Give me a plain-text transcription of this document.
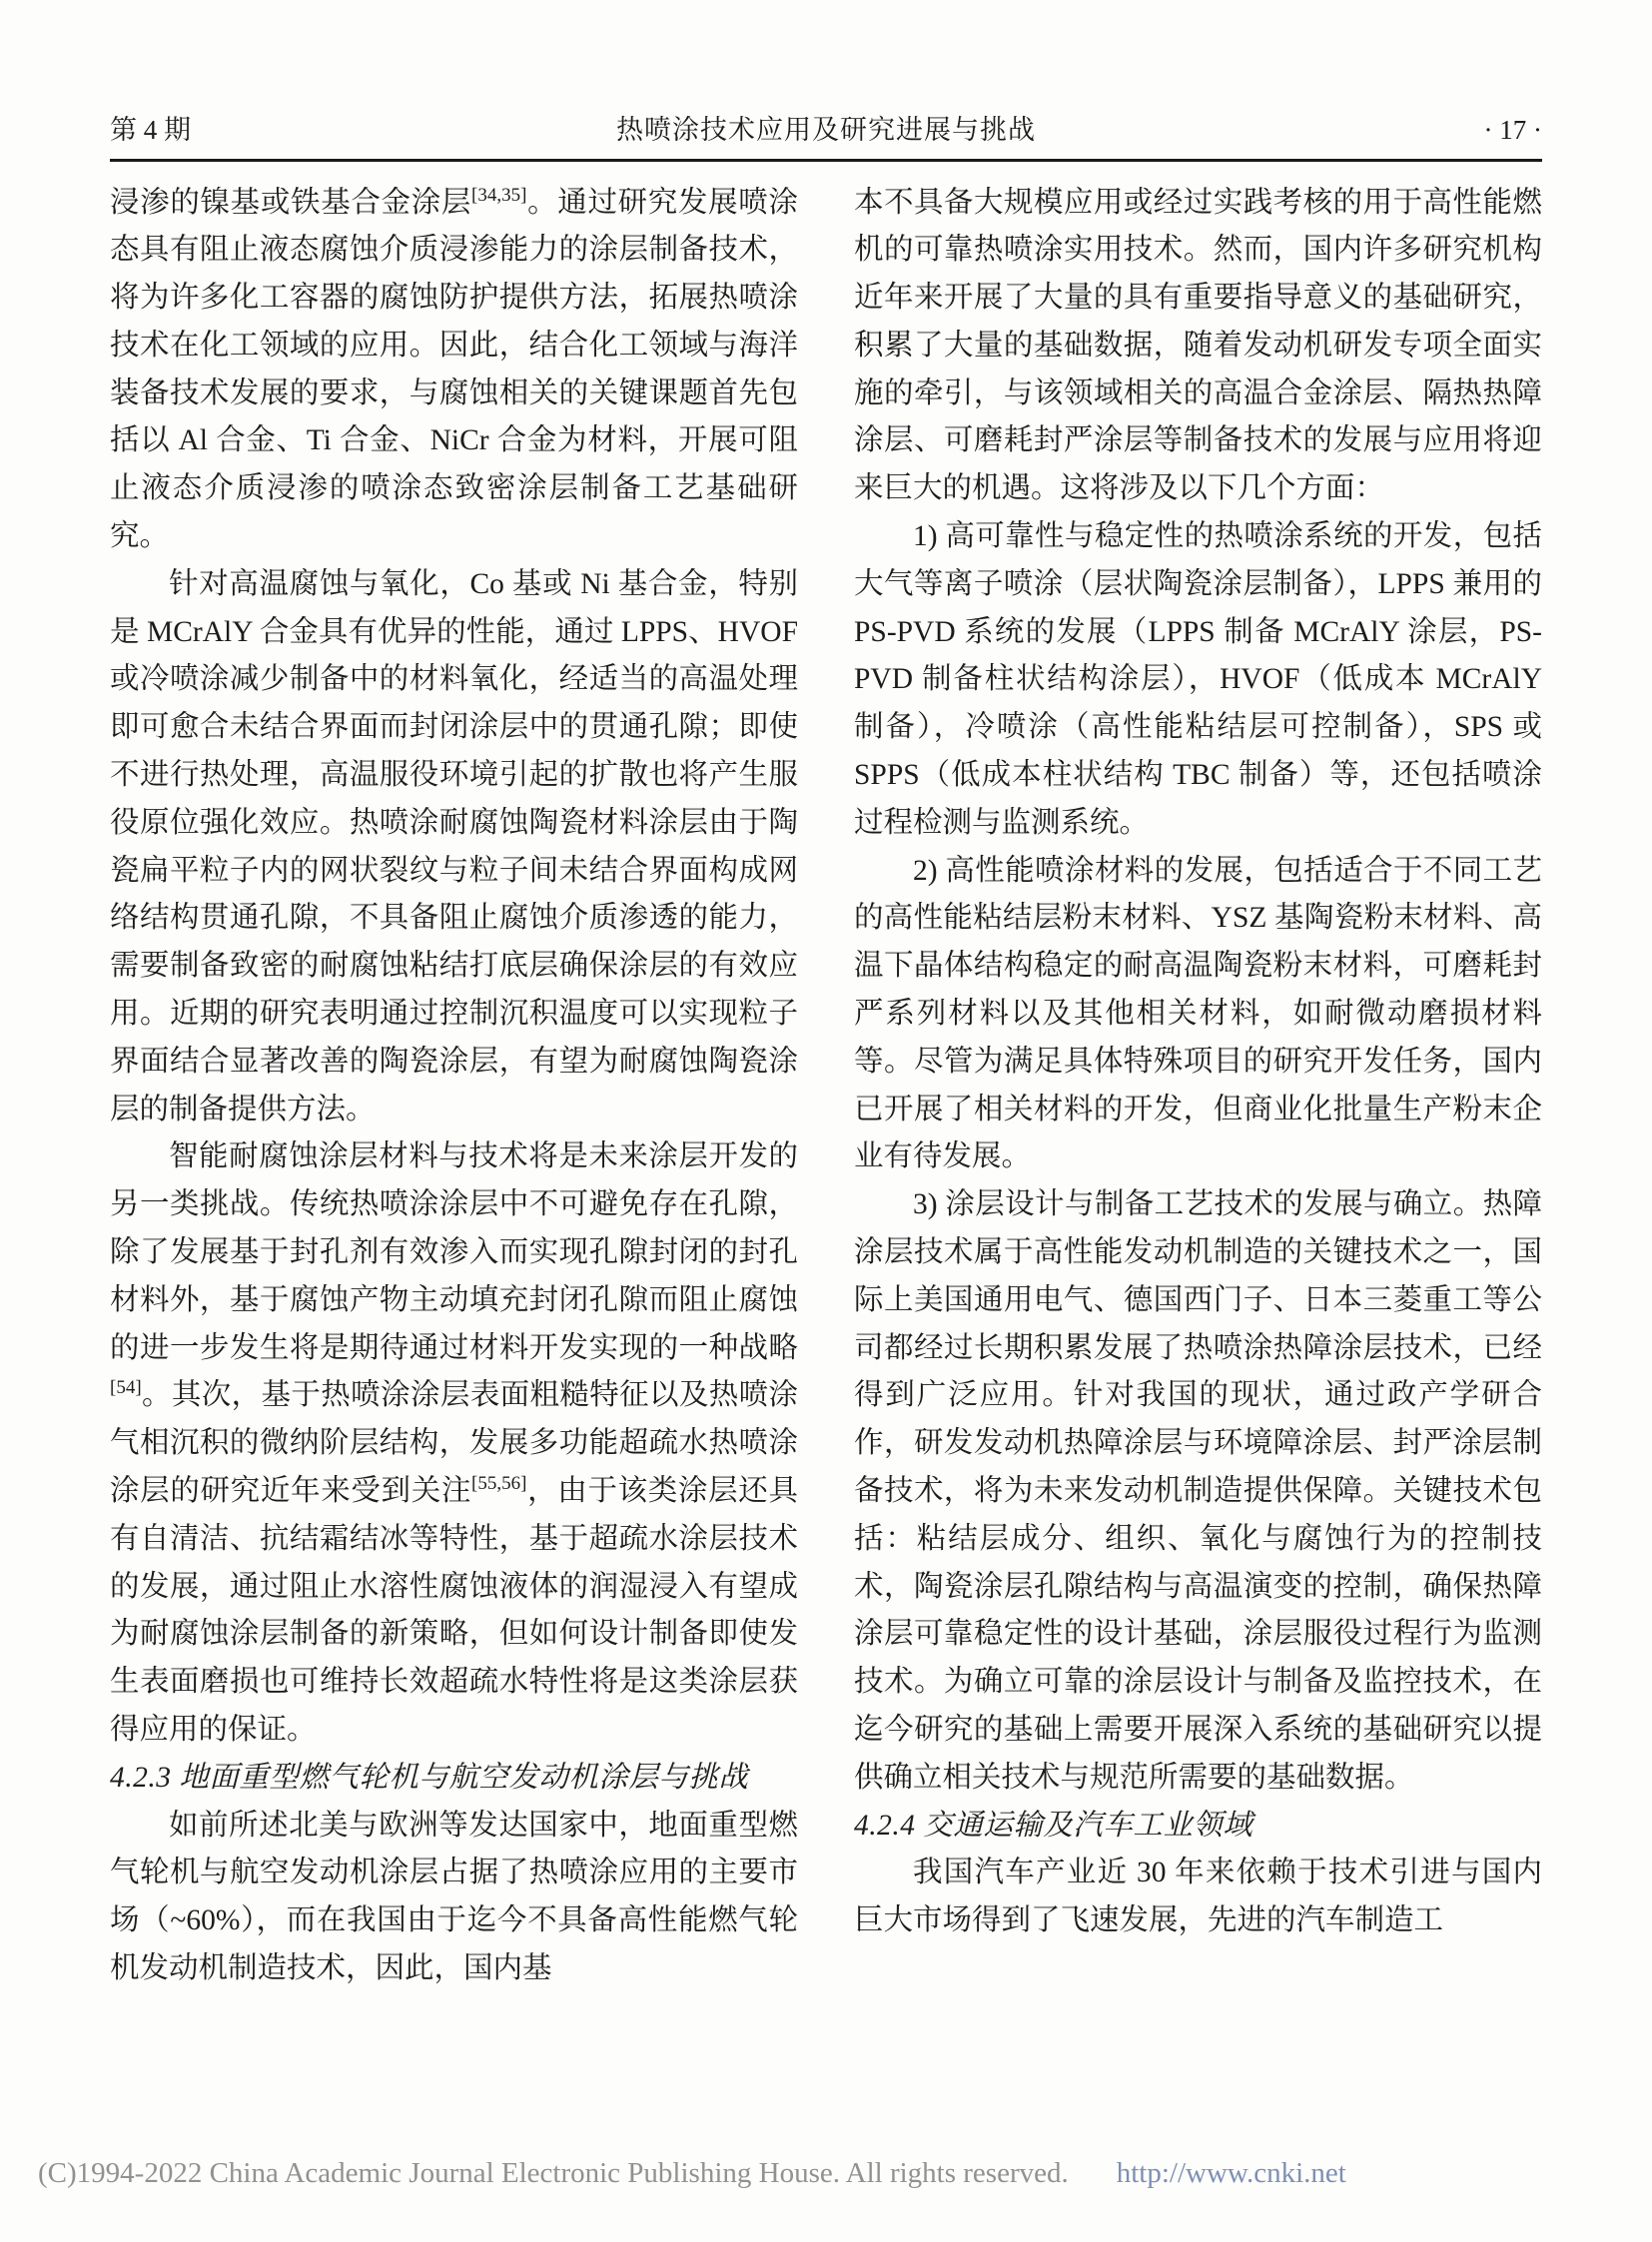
第 4 期	热喷涂技术应用及研究进展与挑战	· 17 ·

浸渗的镍基或铁基合金涂层[34,35]。通过研究发展喷涂态具有阻止液态腐蚀介质浸渗能力的涂层制备技术，将为许多化工容器的腐蚀防护提供方法，拓展热喷涂技术在化工领域的应用。因此，结合化工领域与海洋装备技术发展的要求，与腐蚀相关的关键课题首先包括以 Al 合金、Ti 合金、NiCr 合金为材料，开展可阻止液态介质浸渗的喷涂态致密涂层制备工艺基础研究。

针对高温腐蚀与氧化，Co 基或 Ni 基合金，特别是 MCrAlY 合金具有优异的性能，通过 LPPS、HVOF 或冷喷涂减少制备中的材料氧化，经适当的高温处理即可愈合未结合界面而封闭涂层中的贯通孔隙；即使不进行热处理，高温服役环境引起的扩散也将产生服役原位强化效应。热喷涂耐腐蚀陶瓷材料涂层由于陶瓷扁平粒子内的网状裂纹与粒子间未结合界面构成网络结构贯通孔隙，不具备阻止腐蚀介质渗透的能力，需要制备致密的耐腐蚀粘结打底层确保涂层的有效应用。近期的研究表明通过控制沉积温度可以实现粒子界面结合显著改善的陶瓷涂层，有望为耐腐蚀陶瓷涂层的制备提供方法。

智能耐腐蚀涂层材料与技术将是未来涂层开发的另一类挑战。传统热喷涂涂层中不可避免存在孔隙，除了发展基于封孔剂有效渗入而实现孔隙封闭的封孔材料外，基于腐蚀产物主动填充封闭孔隙而阻止腐蚀的进一步发生将是期待通过材料开发实现的一种战略[54]。其次，基于热喷涂涂层表面粗糙特征以及热喷涂气相沉积的微纳阶层结构，发展多功能超疏水热喷涂涂层的研究近年来受到关注[55,56]，由于该类涂层还具有自清洁、抗结霜结冰等特性，基于超疏水涂层技术的发展，通过阻止水溶性腐蚀液体的润湿浸入有望成为耐腐蚀涂层制备的新策略，但如何设计制备即使发生表面磨损也可维持长效超疏水特性将是这类涂层获得应用的保证。

4.2.3 地面重型燃气轮机与航空发动机涂层与挑战

如前所述北美与欧洲等发达国家中，地面重型燃气轮机与航空发动机涂层占据了热喷涂应用的主要市场（~60%），而在我国由于迄今不具备高性能燃气轮机发动机制造技术，因此，国内基

本不具备大规模应用或经过实践考核的用于高性能燃机的可靠热喷涂实用技术。然而，国内许多研究机构近年来开展了大量的具有重要指导意义的基础研究，积累了大量的基础数据，随着发动机研发专项全面实施的牵引，与该领域相关的高温合金涂层、隔热热障涂层、可磨耗封严涂层等制备技术的发展与应用将迎来巨大的机遇。这将涉及以下几个方面：

1) 高可靠性与稳定性的热喷涂系统的开发，包括大气等离子喷涂（层状陶瓷涂层制备），LPPS 兼用的 PS-PVD 系统的发展（LPPS 制备 MCrAlY 涂层，PS-PVD 制备柱状结构涂层），HVOF（低成本 MCrAlY 制备），冷喷涂（高性能粘结层可控制备），SPS 或 SPPS（低成本柱状结构 TBC 制备）等，还包括喷涂过程检测与监测系统。

2) 高性能喷涂材料的发展，包括适合于不同工艺的高性能粘结层粉末材料、YSZ 基陶瓷粉末材料、高温下晶体结构稳定的耐高温陶瓷粉末材料，可磨耗封严系列材料以及其他相关材料，如耐微动磨损材料等。尽管为满足具体特殊项目的研究开发任务，国内已开展了相关材料的开发，但商业化批量生产粉末企业有待发展。

3) 涂层设计与制备工艺技术的发展与确立。热障涂层技术属于高性能发动机制造的关键技术之一，国际上美国通用电气、德国西门子、日本三菱重工等公司都经过长期积累发展了热喷涂热障涂层技术，已经得到广泛应用。针对我国的现状，通过政产学研合作，研发发动机热障涂层与环境障涂层、封严涂层制备技术，将为未来发动机制造提供保障。关键技术包括：粘结层成分、组织、氧化与腐蚀行为的控制技术，陶瓷涂层孔隙结构与高温演变的控制，确保热障涂层可靠稳定性的设计基础，涂层服役过程行为监测技术。为确立可靠的涂层设计与制备及监控技术，在迄今研究的基础上需要开展深入系统的基础研究以提供确立相关技术与规范所需要的基础数据。

4.2.4 交通运输及汽车工业领域

我国汽车产业近 30 年来依赖于技术引进与国内巨大市场得到了飞速发展，先进的汽车制造工

(C)1994-2022 China Academic Journal Electronic Publishing House. All rights reserved. http://www.cnki.net
